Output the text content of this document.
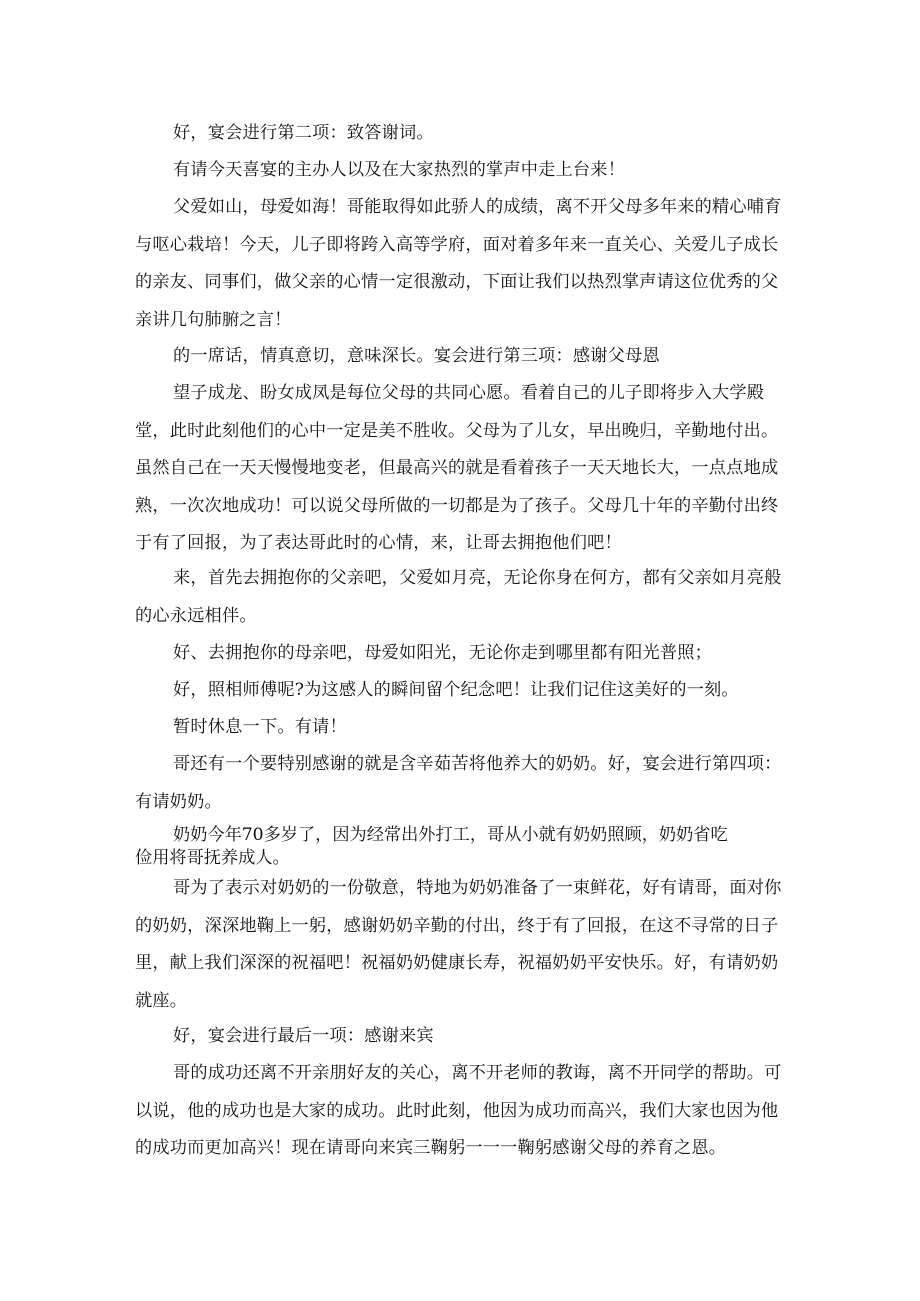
好，宴会进行第二项：致答谢词。

有请今天喜宴的主办人以及在大家热烈的掌声中走上台来！

父爱如山，母爱如海！哥能取得如此骄人的成绩，离不开父母多年来的精心哺育与呕心栽培！今天，儿子即将跨入高等学府，面对着多年来一直关心、关爱儿子成长的亲友、同事们，做父亲的心情一定很激动，下面让我们以热烈掌声请这位优秀的父亲讲几句肺腑之言！

的一席话，情真意切，意味深长。宴会进行第三项：感谢父母恩

望子成龙、盼女成凤是每位父母的共同心愿。看着自己的儿子即将步入大学殿堂，此时此刻他们的心中一定是美不胜收。父母为了儿女，早出晚归，辛勤地付出。虽然自己在一天天慢慢地变老，但最高兴的就是看着孩子一天天地长大，一点点地成熟，一次次地成功！可以说父母所做的一切都是为了孩子。父母几十年的辛勤付出终于有了回报，为了表达哥此时的心情，来，让哥去拥抱他们吧！

来，首先去拥抱你的父亲吧，父爱如月亮，无论你身在何方，都有父亲如月亮般的心永远相伴。

好、去拥抱你的母亲吧，母爱如阳光，无论你走到哪里都有阳光普照；

好，照相师傅呢?为这感人的瞬间留个纪念吧！让我们记住这美好的一刻。

暂时休息一下。有请！

哥还有一个要特别感谢的就是含辛茹苦将他养大的奶奶。好，宴会进行第四项：有请奶奶。

奶奶今年70多岁了，因为经常出外打工，哥从小就有奶奶照顾，奶奶省吃

俭用将哥抚养成人。

哥为了表示对奶奶的一份敬意，特地为奶奶准备了一束鲜花，好有请哥，面对你的奶奶，深深地鞠上一躬，感谢奶奶辛勤的付出，终于有了回报，在这不寻常的日子里，献上我们深深的祝福吧！祝福奶奶健康长寿，祝福奶奶平安快乐。好，有请奶奶就座。

好，宴会进行最后一项：感谢来宾

哥的成功还离不开亲朋好友的关心，离不开老师的教诲，离不开同学的帮助。可以说，他的成功也是大家的成功。此时此刻，他因为成功而高兴，我们大家也因为他的成功而更加高兴！现在请哥向来宾三鞠躬一一一鞠躬感谢父母的养育之恩。
